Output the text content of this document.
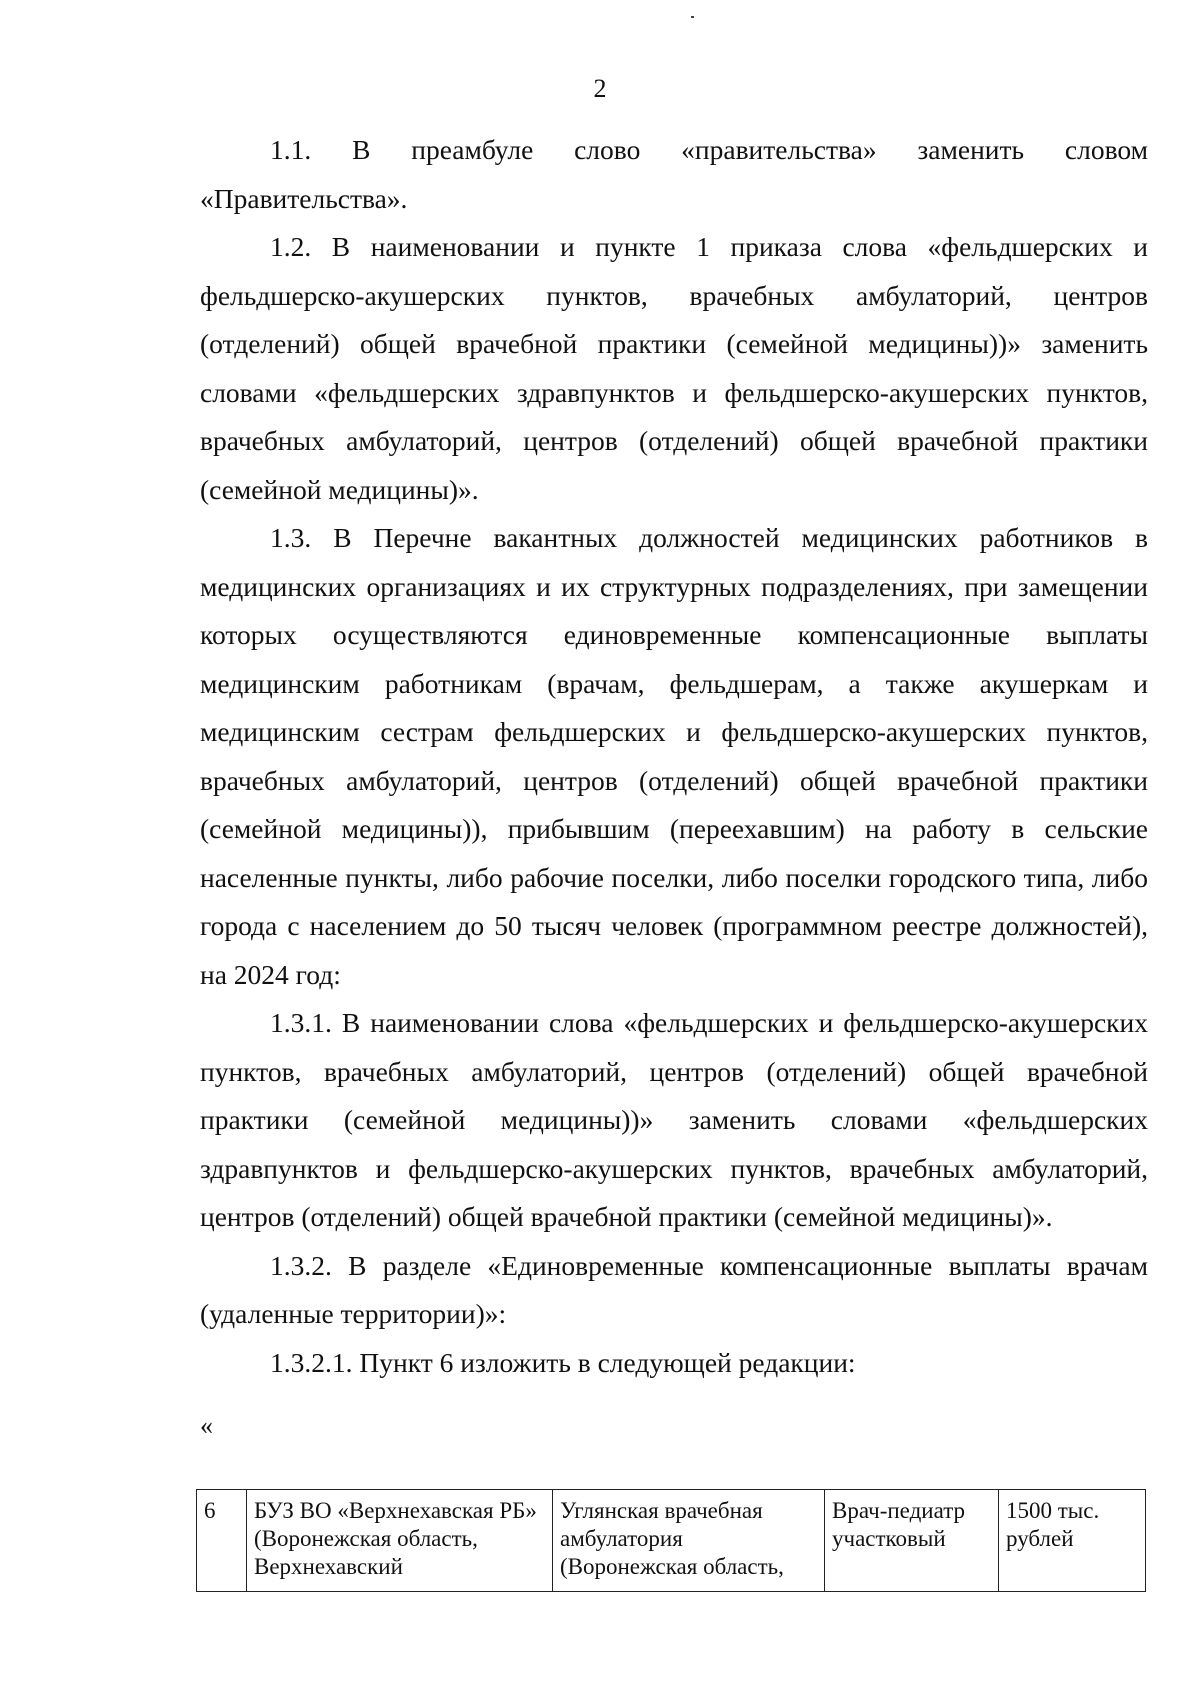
2

1.1. В преамбуле слово «правительства» заменить словом «Правительства».

1.2. В наименовании и пункте 1 приказа слова «фельдшерских и фельдшерско-акушерских пунктов, врачебных амбулаторий, центров (отделений) общей врачебной практики (семейной медицины))» заменить словами «фельдшерских здравпунктов и фельдшерско-акушерских пунктов, врачебных амбулаторий, центров (отделений) общей врачебной практики (семейной медицины)».

1.3. В Перечне вакантных должностей медицинских работников в медицинских организациях и их структурных подразделениях, при замещении которых осуществляются единовременные компенсационные выплаты медицинским работникам (врачам, фельдшерам, а также акушеркам и медицинским сестрам фельдшерских и фельдшерско-акушерских пунктов, врачебных амбулаторий, центров (отделений) общей врачебной практики (семейной медицины)), прибывшим (переехавшим) на работу в сельские населенные пункты, либо рабочие поселки, либо поселки городского типа, либо города с населением до 50 тысяч человек (программном реестре должностей), на 2024 год:

1.3.1. В наименовании слова «фельдшерских и фельдшерско-акушерских пунктов, врачебных амбулаторий, центров (отделений) общей врачебной практики (семейной медицины))» заменить словами «фельдшерских здравпунктов и фельдшерско-акушерских пунктов, врачебных амбулаторий, центров (отделений) общей врачебной практики (семейной медицины)».

1.3.2. В разделе «Единовременные компенсационные выплаты врачам (удаленные территории)»:

1.3.2.1. Пункт 6 изложить в следующей редакции:

«

6	БУЗ ВО «Верхнехавская РБ» (Воронежская область, Верхнехавский	Углянская врачебная амбулатория (Воронежская область,	Врач-педиатр участковый	1500 тыс. рублей
